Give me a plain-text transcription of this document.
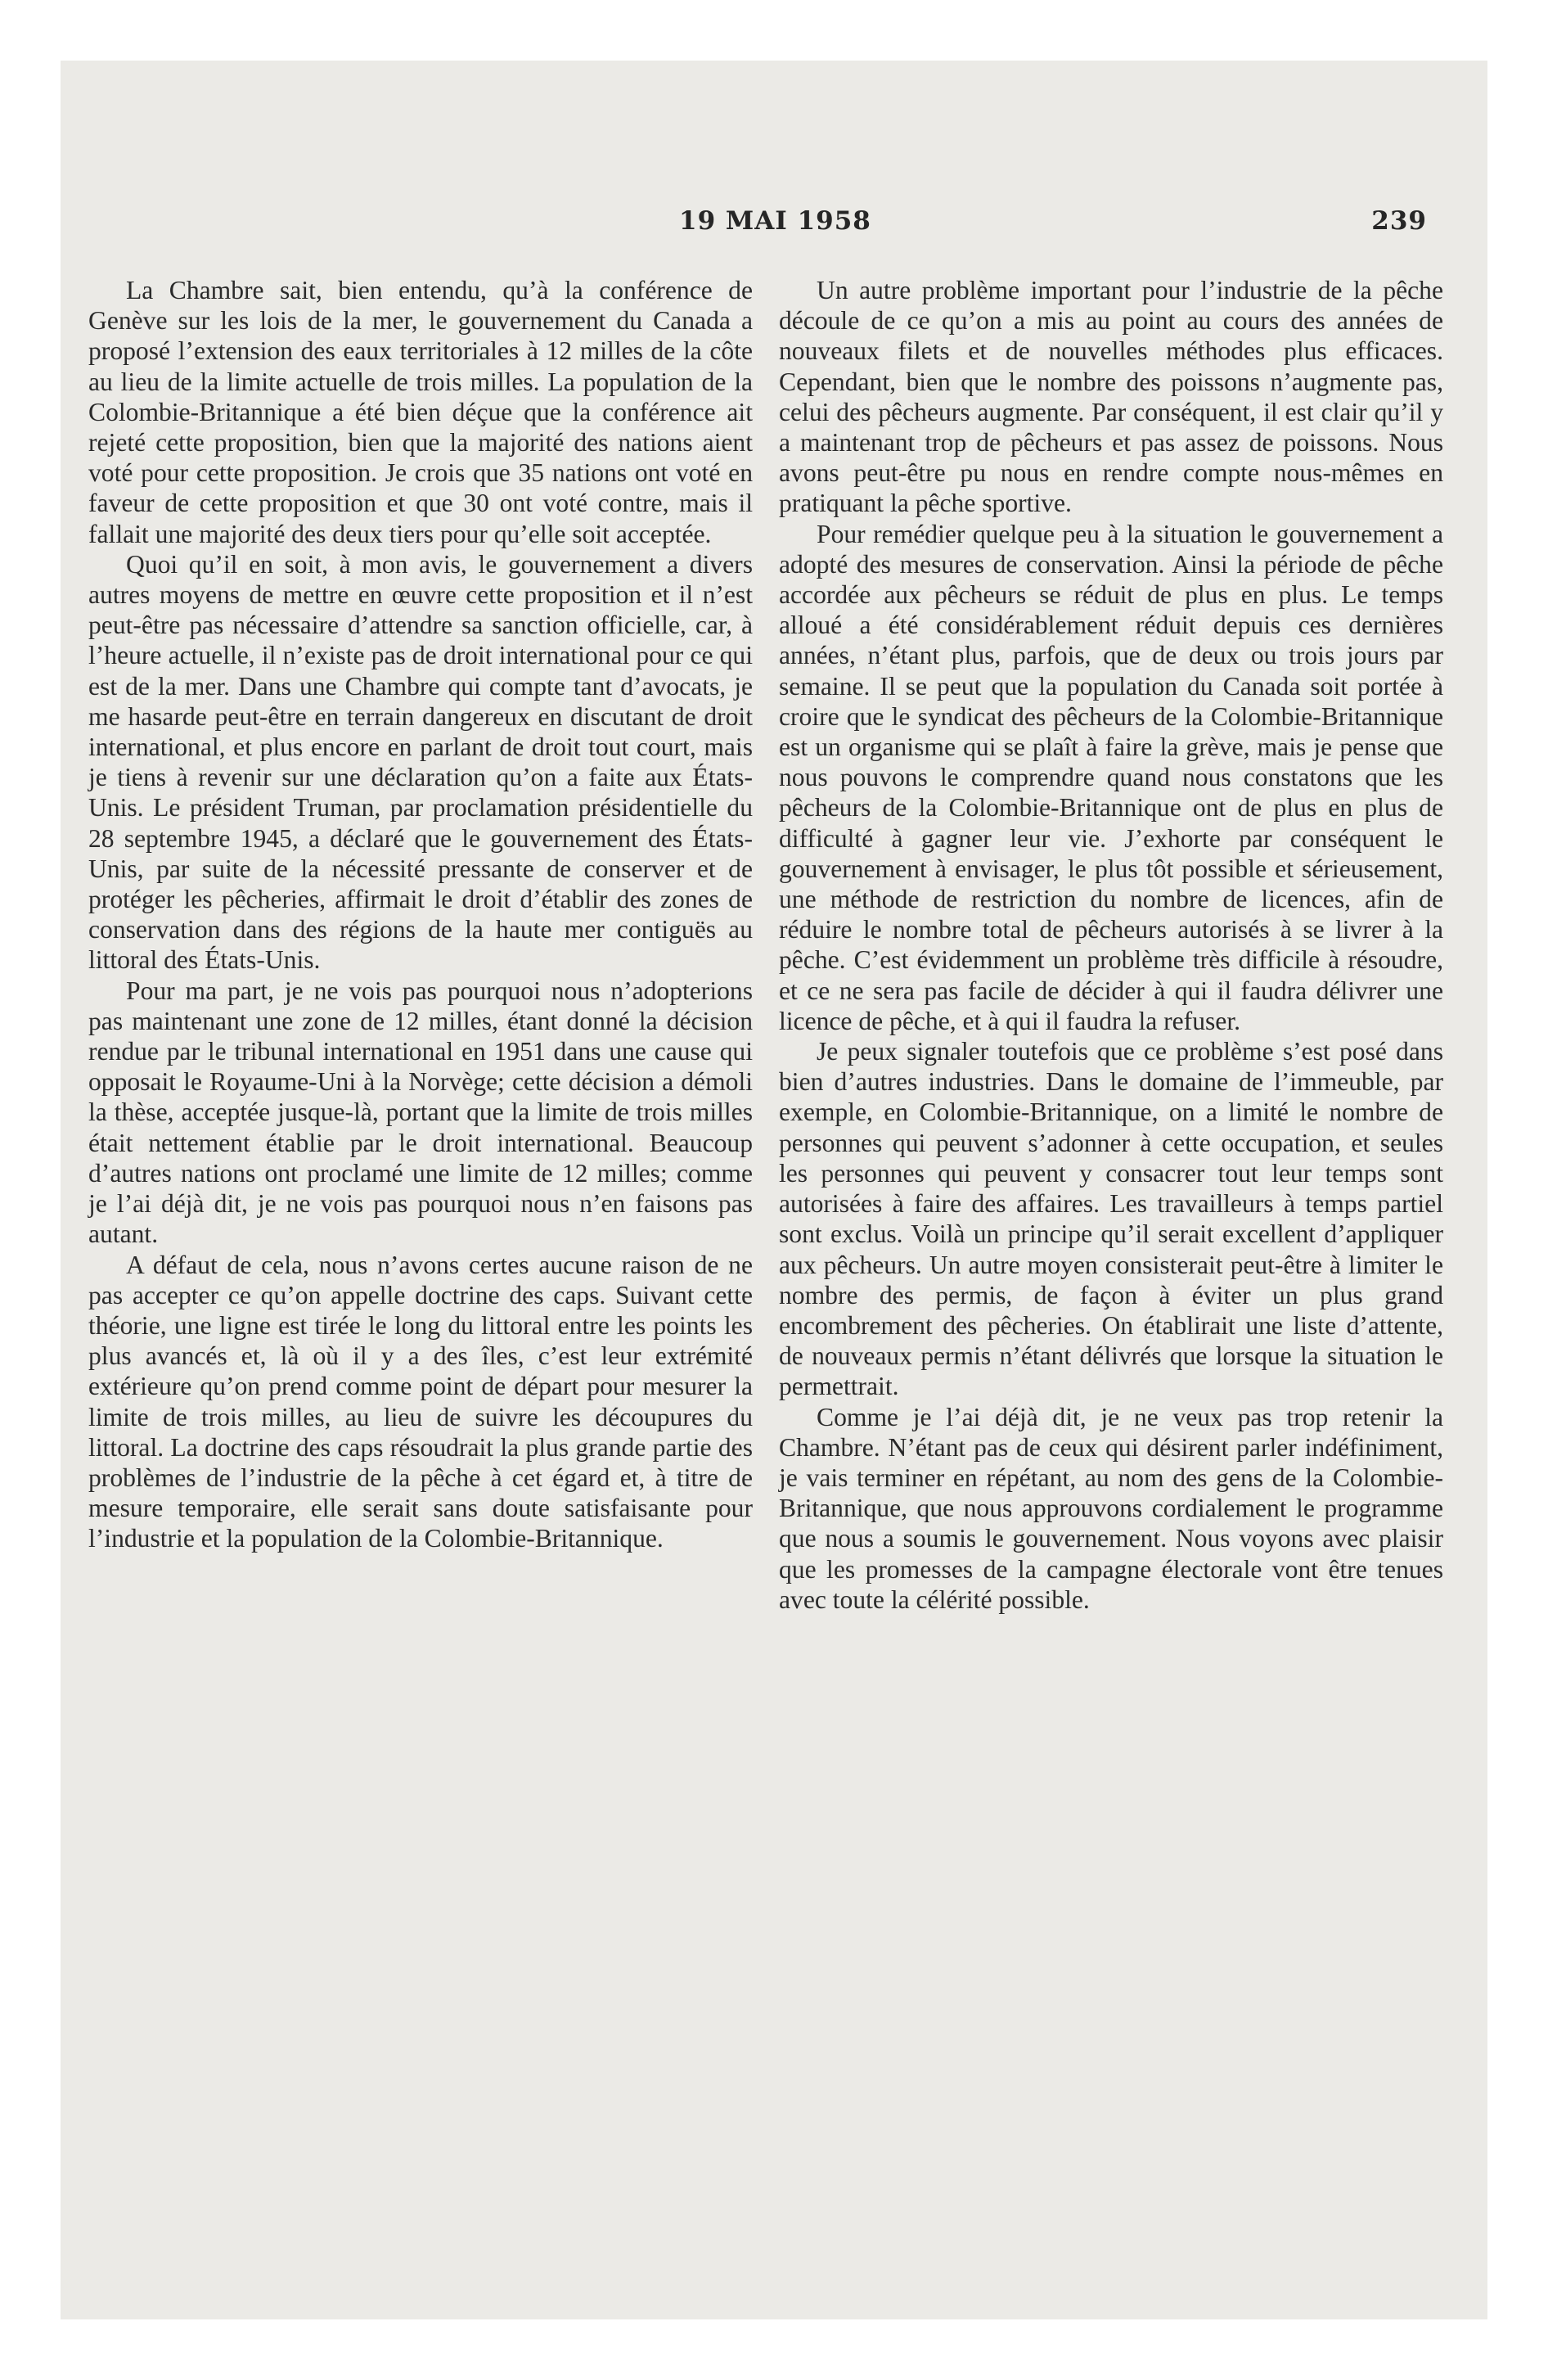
19 MAI 1958	239

La Chambre sait, bien entendu, qu’à la conférence de Genève sur les lois de la mer, le gouvernement du Canada a proposé l’extension des eaux territoriales à 12 milles de la côte au lieu de la limite actuelle de trois milles. La population de la Colombie-Britannique a été bien déçue que la conférence ait rejeté cette proposition, bien que la majorité des nations aient voté pour cette proposition. Je crois que 35 nations ont voté en faveur de cette proposition et que 30 ont voté contre, mais il fallait une majorité des deux tiers pour qu’elle soit acceptée.

Quoi qu’il en soit, à mon avis, le gouvernement a divers autres moyens de mettre en œuvre cette proposition et il n’est peut-être pas nécessaire d’attendre sa sanction officielle, car, à l’heure actuelle, il n’existe pas de droit international pour ce qui est de la mer. Dans une Chambre qui compte tant d’avocats, je me hasarde peut-être en terrain dangereux en discutant de droit international, et plus encore en parlant de droit tout court, mais je tiens à revenir sur une déclaration qu’on a faite aux États-Unis. Le président Truman, par proclamation présidentielle du 28 septembre 1945, a déclaré que le gouvernement des États-Unis, par suite de la nécessité pressante de conserver et de protéger les pêcheries, affirmait le droit d’établir des zones de conservation dans des régions de la haute mer contiguës au littoral des États-Unis.

Pour ma part, je ne vois pas pourquoi nous n’adopterions pas maintenant une zone de 12 milles, étant donné la décision rendue par le tribunal international en 1951 dans une cause qui opposait le Royaume-Uni à la Norvège; cette décision a démoli la thèse, acceptée jusque-là, portant que la limite de trois milles était nettement établie par le droit international. Beaucoup d’autres nations ont proclamé une limite de 12 milles; comme je l’ai déjà dit, je ne vois pas pourquoi nous n’en faisons pas autant.

A défaut de cela, nous n’avons certes aucune raison de ne pas accepter ce qu’on appelle doctrine des caps. Suivant cette théorie, une ligne est tirée le long du littoral entre les points les plus avancés et, là où il y a des îles, c’est leur extrémité extérieure qu’on prend comme point de départ pour mesurer la limite de trois milles, au lieu de suivre les découpures du littoral. La doctrine des caps résoudrait la plus grande partie des problèmes de l’industrie de la pêche à cet égard et, à titre de mesure temporaire, elle serait sans doute satisfaisante pour l’industrie et la population de la Colombie-Britannique.

Un autre problème important pour l’industrie de la pêche découle de ce qu’on a mis au point au cours des années de nouveaux filets et de nouvelles méthodes plus efficaces. Cependant, bien que le nombre des poissons n’augmente pas, celui des pêcheurs augmente. Par conséquent, il est clair qu’il y a maintenant trop de pêcheurs et pas assez de poissons. Nous avons peut-être pu nous en rendre compte nous-mêmes en pratiquant la pêche sportive.

Pour remédier quelque peu à la situation le gouvernement a adopté des mesures de conservation. Ainsi la période de pêche accordée aux pêcheurs se réduit de plus en plus. Le temps alloué a été considérablement réduit depuis ces dernières années, n’étant plus, parfois, que de deux ou trois jours par semaine. Il se peut que la population du Canada soit portée à croire que le syndicat des pêcheurs de la Colombie-Britannique est un organisme qui se plaît à faire la grève, mais je pense que nous pouvons le comprendre quand nous constatons que les pêcheurs de la Colombie-Britannique ont de plus en plus de difficulté à gagner leur vie. J’exhorte par conséquent le gouvernement à envisager, le plus tôt possible et sérieusement, une méthode de restriction du nombre de licences, afin de réduire le nombre total de pêcheurs autorisés à se livrer à la pêche. C’est évidemment un problème très difficile à résoudre, et ce ne sera pas facile de décider à qui il faudra délivrer une licence de pêche, et à qui il faudra la refuser.

Je peux signaler toutefois que ce problème s’est posé dans bien d’autres industries. Dans le domaine de l’immeuble, par exemple, en Colombie-Britannique, on a limité le nombre de personnes qui peuvent s’adonner à cette occupation, et seules les personnes qui peuvent y consacrer tout leur temps sont autorisées à faire des affaires. Les travailleurs à temps partiel sont exclus. Voilà un principe qu’il serait excellent d’appliquer aux pêcheurs. Un autre moyen consisterait peut-être à limiter le nombre des permis, de façon à éviter un plus grand encombrement des pêcheries. On établirait une liste d’attente, de nouveaux permis n’étant délivrés que lorsque la situation le permettrait.

Comme je l’ai déjà dit, je ne veux pas trop retenir la Chambre. N’étant pas de ceux qui désirent parler indéfiniment, je vais terminer en répétant, au nom des gens de la Colombie-Britannique, que nous approuvons cordialement le programme que nous a soumis le gouvernement. Nous voyons avec plaisir que les promesses de la campagne électorale vont être tenues avec toute la célérité possible.
